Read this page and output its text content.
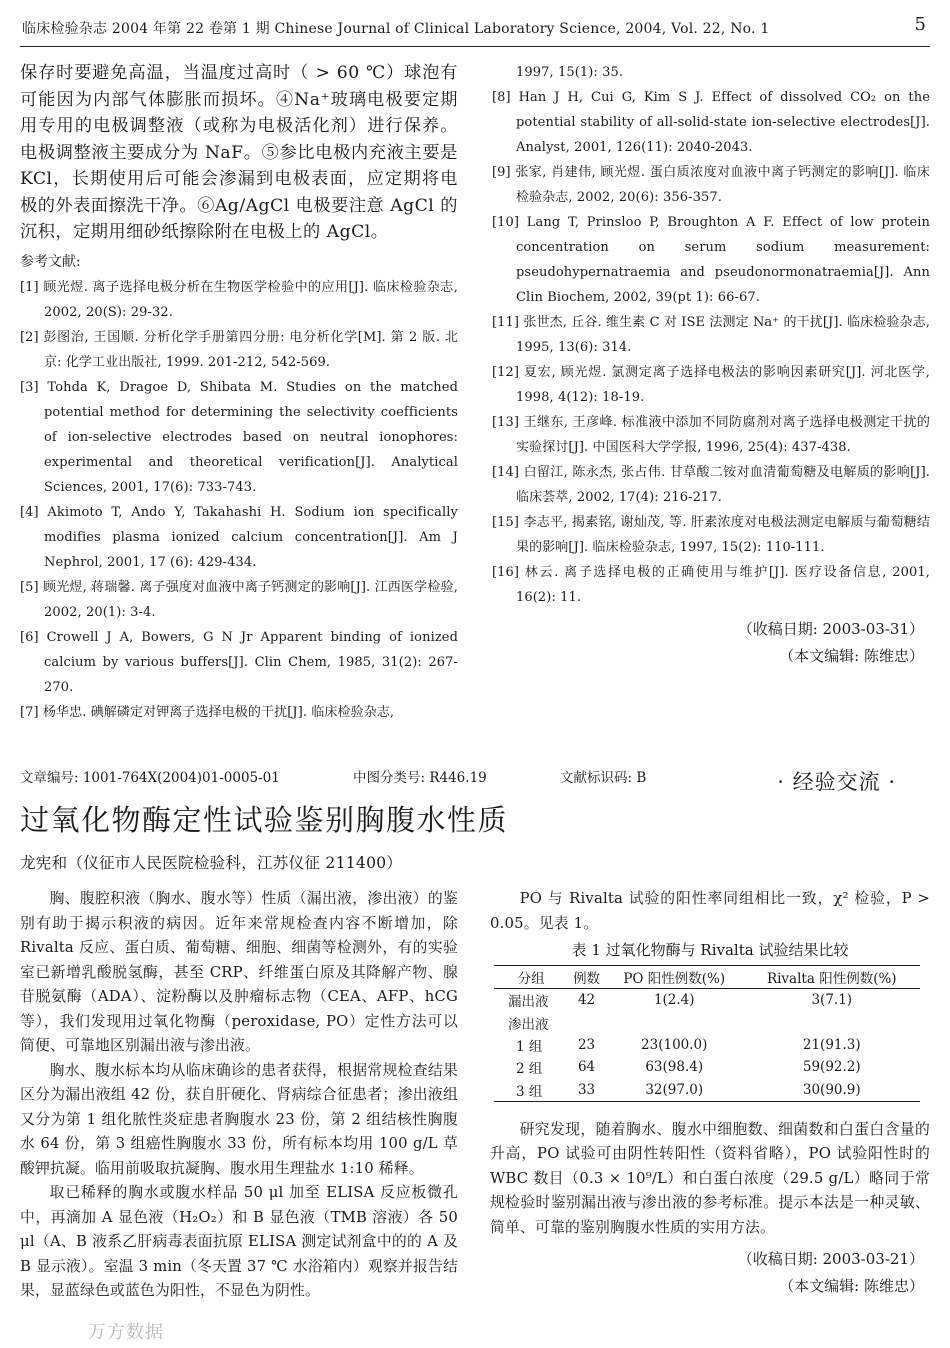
临床检验杂志 2004 年第 22 卷第 1 期 Chinese Journal of Clinical Laboratory Science, 2004, Vol. 22, No. 1	5

保存时要避免高温，当温度过高时（ > 60 ℃）球泡有可能因为内部气体膨胀而损坏。④Na⁺玻璃电极要定期用专用的电极调整液（或称为电极活化剂）进行保养。电极调整液主要成分为 NaF。⑤参比电极内充液主要是 KCl，长期使用后可能会渗漏到电极表面，应定期将电极的外表面擦洗干净。⑥Ag/AgCl 电极要注意 AgCl 的沉积，定期用细砂纸擦除附在电极上的 AgCl。

参考文献:

[1] 顾光煜. 离子选择电极分析在生物医学检验中的应用[J]. 临床检验杂志, 2002, 20(S): 29-32.

[2] 彭图治, 王国顺. 分析化学手册第四分册: 电分析化学[M]. 第 2 版. 北京: 化学工业出版社, 1999. 201-212, 542-569.

[3] Tohda K, Dragoe D, Shibata M. Studies on the matched potential method for determining the selectivity coefficients of ion-selective electrodes based on neutral ionophores: experimental and theoretical verification[J]. Analytical Sciences, 2001, 17(6): 733-743.

[4] Akimoto T, Ando Y, Takahashi H. Sodium ion specifically modifies plasma ionized calcium concentration[J]. Am J Nephrol, 2001, 17 (6): 429-434.

[5] 顾光煜, 蒋瑞馨. 离子强度对血液中离子钙测定的影响[J]. 江西医学检验, 2002, 20(1): 3-4.

[6] Crowell J A, Bowers, G N Jr Apparent binding of ionized calcium by various buffers[J]. Clin Chem, 1985, 31(2): 267-270.

[7] 杨华忠. 碘解磷定对钾离子选择电极的干扰[J]. 临床检验杂志,

1997, 15(1): 35.

[8] Han J H, Cui G, Kim S J. Effect of dissolved CO₂ on the potential stability of all-solid-state ion-selective electrodes[J]. Analyst, 2001, 126(11): 2040-2043.

[9] 张家, 肖建伟, 顾光煜. 蛋白质浓度对血液中离子钙测定的影响[J]. 临床检验杂志, 2002, 20(6): 356-357.

[10] Lang T, Prinsloo P, Broughton A F. Effect of low protein concentration on serum sodium measurement: pseudohypernatraemia and pseudonormonatraemia[J]. Ann Clin Biochem, 2002, 39(pt 1): 66-67.

[11] 张世杰, 丘谷. 维生素 C 对 ISE 法测定 Na⁺ 的干扰[J]. 临床检验杂志, 1995, 13(6): 314.

[12] 夏宏, 顾光煜. 氯测定离子选择电极法的影响因素研究[J]. 河北医学, 1998, 4(12): 18-19.

[13] 王继东, 王彦峰. 标准液中添加不同防腐剂对离子选择电极测定干扰的实验探讨[J]. 中国医科大学学报, 1996, 25(4): 437-438.

[14] 白留江, 陈永杰, 张占伟. 甘草酸二铵对血清葡萄糖及电解质的影响[J]. 临床荟萃, 2002, 17(4): 216-217.

[15] 李志平, 揭素铭, 谢灿茂, 等. 肝素浓度对电极法测定电解质与葡萄糖结果的影响[J]. 临床检验杂志, 1997, 15(2): 110-111.

[16] 林云. 离子选择电极的正确使用与维护[J]. 医疗设备信息, 2001, 16(2): 11.

（收稿日期: 2003-03-31）

（本文编辑: 陈维忠）

文章编号: 1001-764X(2004)01-0005-01	中图分类号: R446.19	文献标识码: B	· 经验交流 ·
过氧化物酶定性试验鉴别胸腹水性质
龙宪和（仪征市人民医院检验科，江苏仪征 211400）

胸、腹腔积液（胸水、腹水等）性质（漏出液，渗出液）的鉴别有助于揭示积液的病因。近年来常规检查内容不断增加，除 Rivalta 反应、蛋白质、葡萄糖、细胞、细菌等检测外，有的实验室已新增乳酸脱氢酶，甚至 CRP、纤维蛋白原及其降解产物、腺苷脱氨酶（ADA）、淀粉酶以及肿瘤标志物（CEA、AFP、hCG 等），我们发现用过氧化物酶（peroxidase, PO）定性方法可以简便、可靠地区别漏出液与渗出液。

胸水、腹水标本均从临床确诊的患者获得，根据常规检查结果区分为漏出液组 42 份，获自肝硬化、肾病综合征患者；渗出液组又分为第 1 组化脓性炎症患者胸腹水 23 份，第 2 组结核性胸腹水 64 份，第 3 组癌性胸腹水 33 份，所有标本均用 100 g/L 草酸钾抗凝。临用前吸取抗凝胸、腹水用生理盐水 1:10 稀释。

取已稀释的胸水或腹水样品 50 μl 加至 ELISA 反应板微孔中，再滴加 A 显色液（H₂O₂）和 B 显色液（TMB 溶液）各 50 μl（A、B 液系乙肝病毒表面抗原 ELISA 测定试剂盒中的的 A 及 B 显示液）。室温 3 min（冬天置 37 ℃ 水浴箱内）观察并报告结果，显蓝绿色或蓝色为阳性，不显色为阴性。

PO 与 Rivalta 试验的阳性率同组相比一致，χ² 检验，P > 0.05。见表 1。

表 1 过氧化物酶与 Rivalta 试验结果比较
分组	例数	PO 阳性例数(%)	Rivalta 阳性例数(%)
漏出液	42	1(2.4)	3(7.1)
渗出液			
1 组	23	23(100.0)	21(91.3)
2 组	64	63(98.4)	59(92.2)
3 组	33	32(97.0)	30(90.9)

研究发现，随着胸水、腹水中细胞数、细菌数和白蛋白含量的升高，PO 试验可由阴性转阳性（资料省略），PO 试验阳性时的 WBC 数目（0.3 × 10⁹/L）和白蛋白浓度（29.5 g/L）略同于常规检验时鉴别漏出液与渗出液的参考标准。提示本法是一种灵敏、简单、可靠的鉴别胸腹水性质的实用方法。

（收稿日期: 2003-03-21）

（本文编辑: 陈维忠）

万方数据
